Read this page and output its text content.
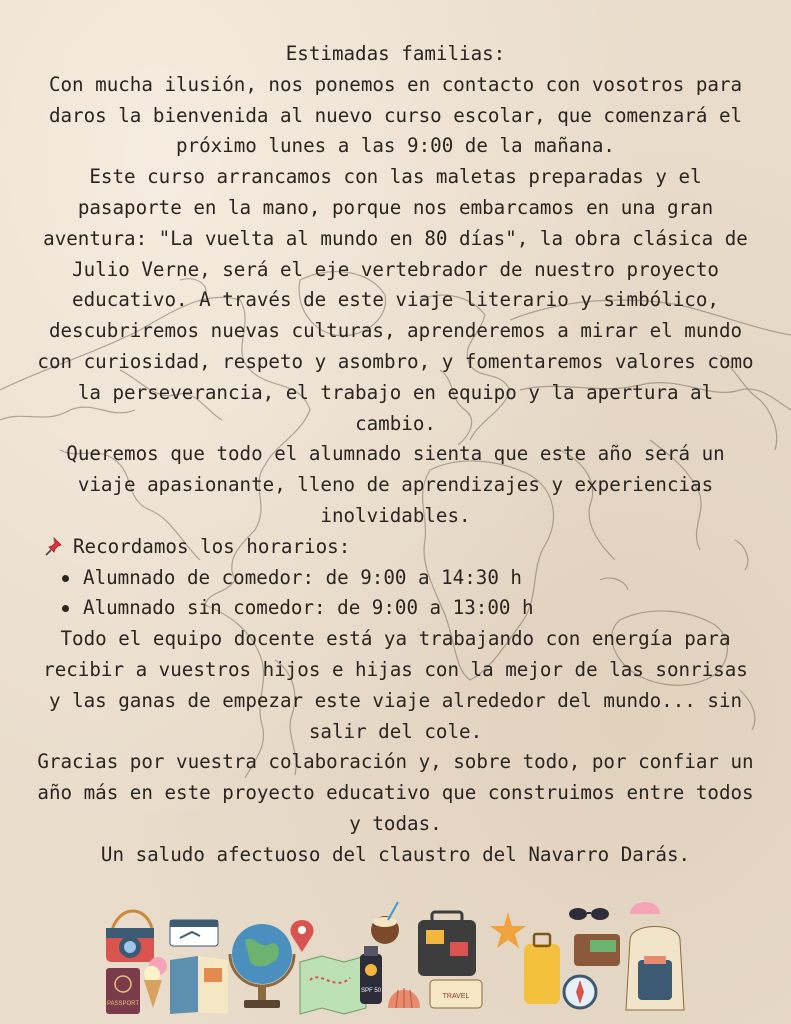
Estimadas familias:

Con mucha ilusión, nos ponemos en contacto con vosotros para daros la bienvenida al nuevo curso escolar, que comenzará el próximo lunes a las 9:00 de la mañana.

Este curso arrancamos con las maletas preparadas y el pasaporte en la mano, porque nos embarcamos en una gran aventura: "La vuelta al mundo en 80 días", la obra clásica de Julio Verne, será el eje vertebrador de nuestro proyecto educativo. A través de este viaje literario y simbólico, descubriremos nuevas culturas, aprenderemos a mirar el mundo con curiosidad, respeto y asombro, y fomentaremos valores como la perseverancia, el trabajo en equipo y la apertura al cambio.

Queremos que todo el alumnado sienta que este año será un viaje apasionante, lleno de aprendizajes y experiencias inolvidables.

Recordamos los horarios:

Alumnado de comedor: de 9:00 a 14:30 h
Alumnado sin comedor: de 9:00 a 13:00 h

Todo el equipo docente está ya trabajando con energía para recibir a vuestros hijos e hijas con la mejor de las sonrisas y las ganas de empezar este viaje alrededor del mundo... sin salir del cole.

Gracias por vuestra colaboración y, sobre todo, por confiar un año más en este proyecto educativo que construimos entre todos y todas.

Un saludo afectuoso del claustro del Navarro Darás.

PASSPORT
SPF 50
TRAVEL
